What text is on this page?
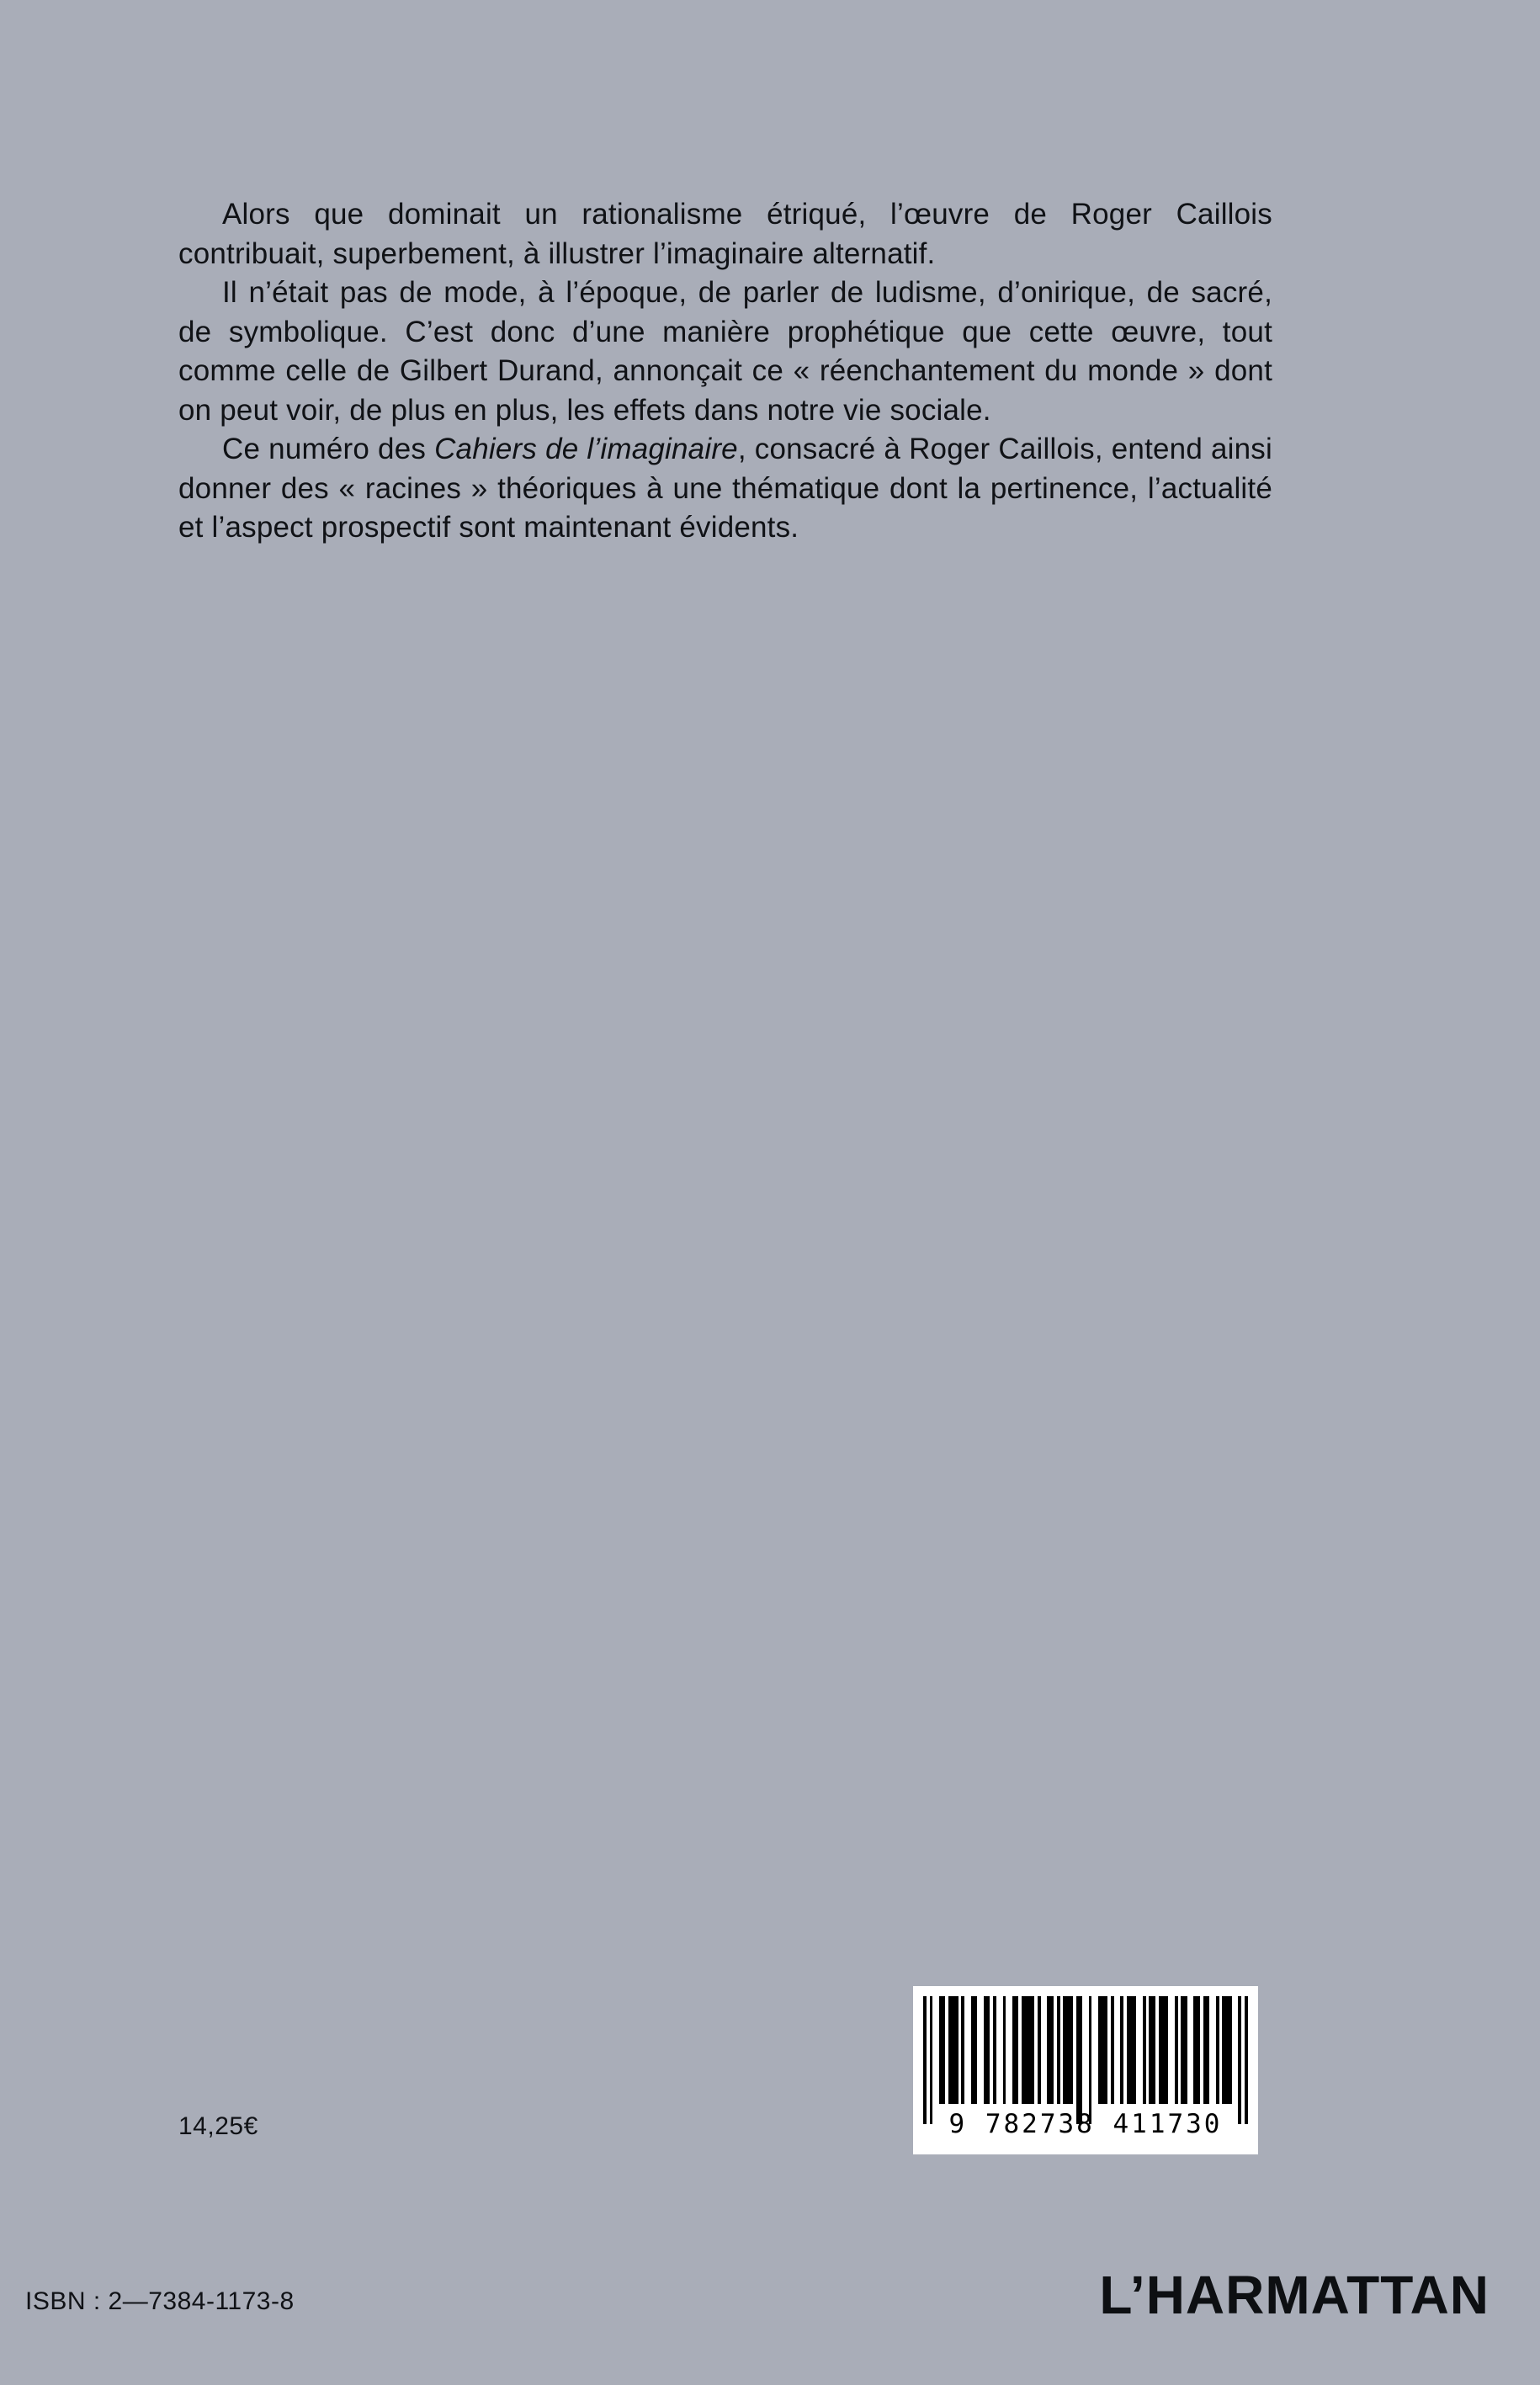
Alors que dominait un rationalisme étriqué, l’œuvre de Roger Caillois contribuait, superbement, à illustrer l’imaginaire alternatif.

Il n’était pas de mode, à l’époque, de parler de ludisme, d’onirique, de sacré, de symbolique. C’est donc d’une manière prophétique que cette œuvre, tout comme celle de Gilbert Durand, annonçait ce « réenchantement du monde » dont on peut voir, de plus en plus, les effets dans notre vie sociale.

Ce numéro des Cahiers de l’imaginaire, consacré à Roger Caillois, entend ainsi donner des « racines » théoriques à une thématique dont la pertinence, l’actualité et l’aspect prospectif sont maintenant évidents.

14,25€	9 782738 411730
ISBN : 2—7384-1173-8	L’HARMATTAN
